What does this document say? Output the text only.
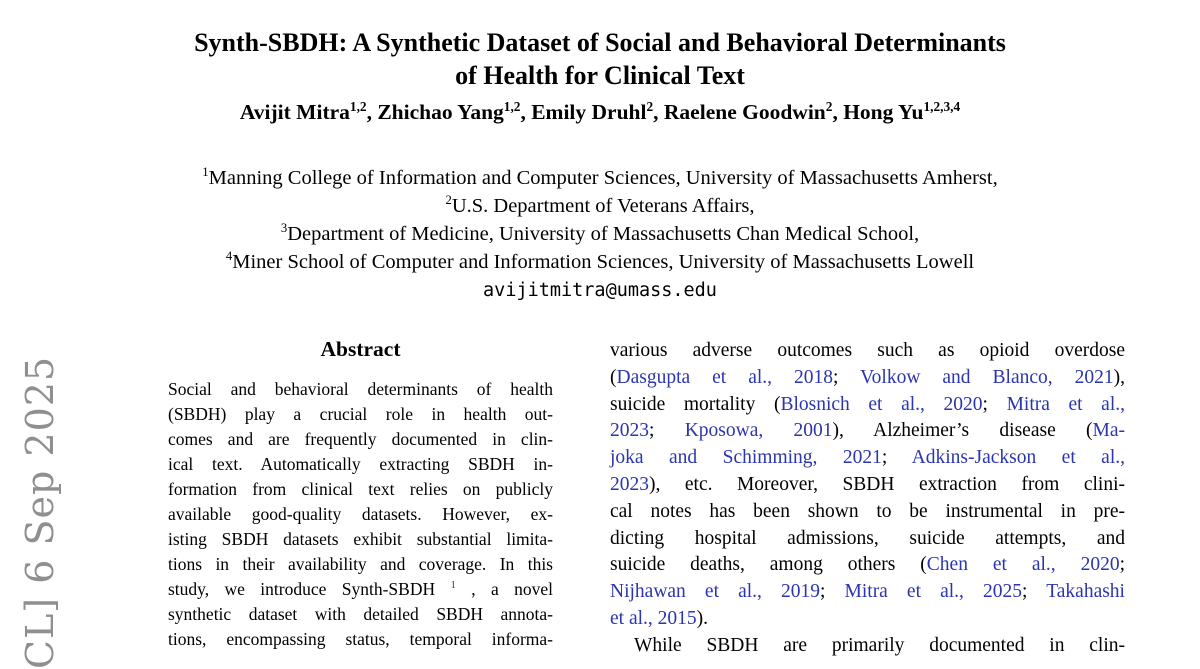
CL] 6 Sep 2025
Synth-SBDH: A Synthetic Dataset of Social and Behavioral Determinants
of Health for Clinical Text
Avijit Mitra$^{1,2}$, Zhichao Yang$^{1,2}$, Emily Druhl$^2$, Raelene Goodwin$^2$, Hong Yu$^{1,2,3,4}$
$^1$Manning College of Information and Computer Sciences, University of Massachusetts Amherst,
$^2$U.S. Department of Veterans Affairs,
$^3$Department of Medicine, University of Massachusetts Chan Medical School,
$^4$Miner School of Computer and Information Sciences, University of Massachusetts Lowell
avijitmitra@umass.edu
Abstract
Social and behavioral determinants of health
(SBDH) play a crucial role in health out-
comes and are frequently documented in clin-
ical text. Automatically extracting SBDH in-
formation from clinical text relies on publicly
available good-quality datasets. However, ex-
isting SBDH datasets exhibit substantial limita-
tions in their availability and coverage. In this
study, we introduce Synth-SBDH $^1$ , a novel
synthetic dataset with detailed SBDH annota-
tions, encompassing status, temporal informa-
various adverse outcomes such as opioid overdose
(Dasgupta et al., 2018; Volkow and Blanco, 2021),
suicide mortality (Blosnich et al., 2020; Mitra et al.,
2023; Kposowa, 2001), Alzheimer’s disease (Ma-
joka and Schimming, 2021; Adkins-Jackson et al.,
2023), etc. Moreover, SBDH extraction from clini-
cal notes has been shown to be instrumental in pre-
dicting hospital admissions, suicide attempts, and
suicide deaths, among others (Chen et al., 2020;
Nijhawan et al., 2019; Mitra et al., 2025; Takahashi
et al., 2015).
While SBDH are primarily documented in clin-
